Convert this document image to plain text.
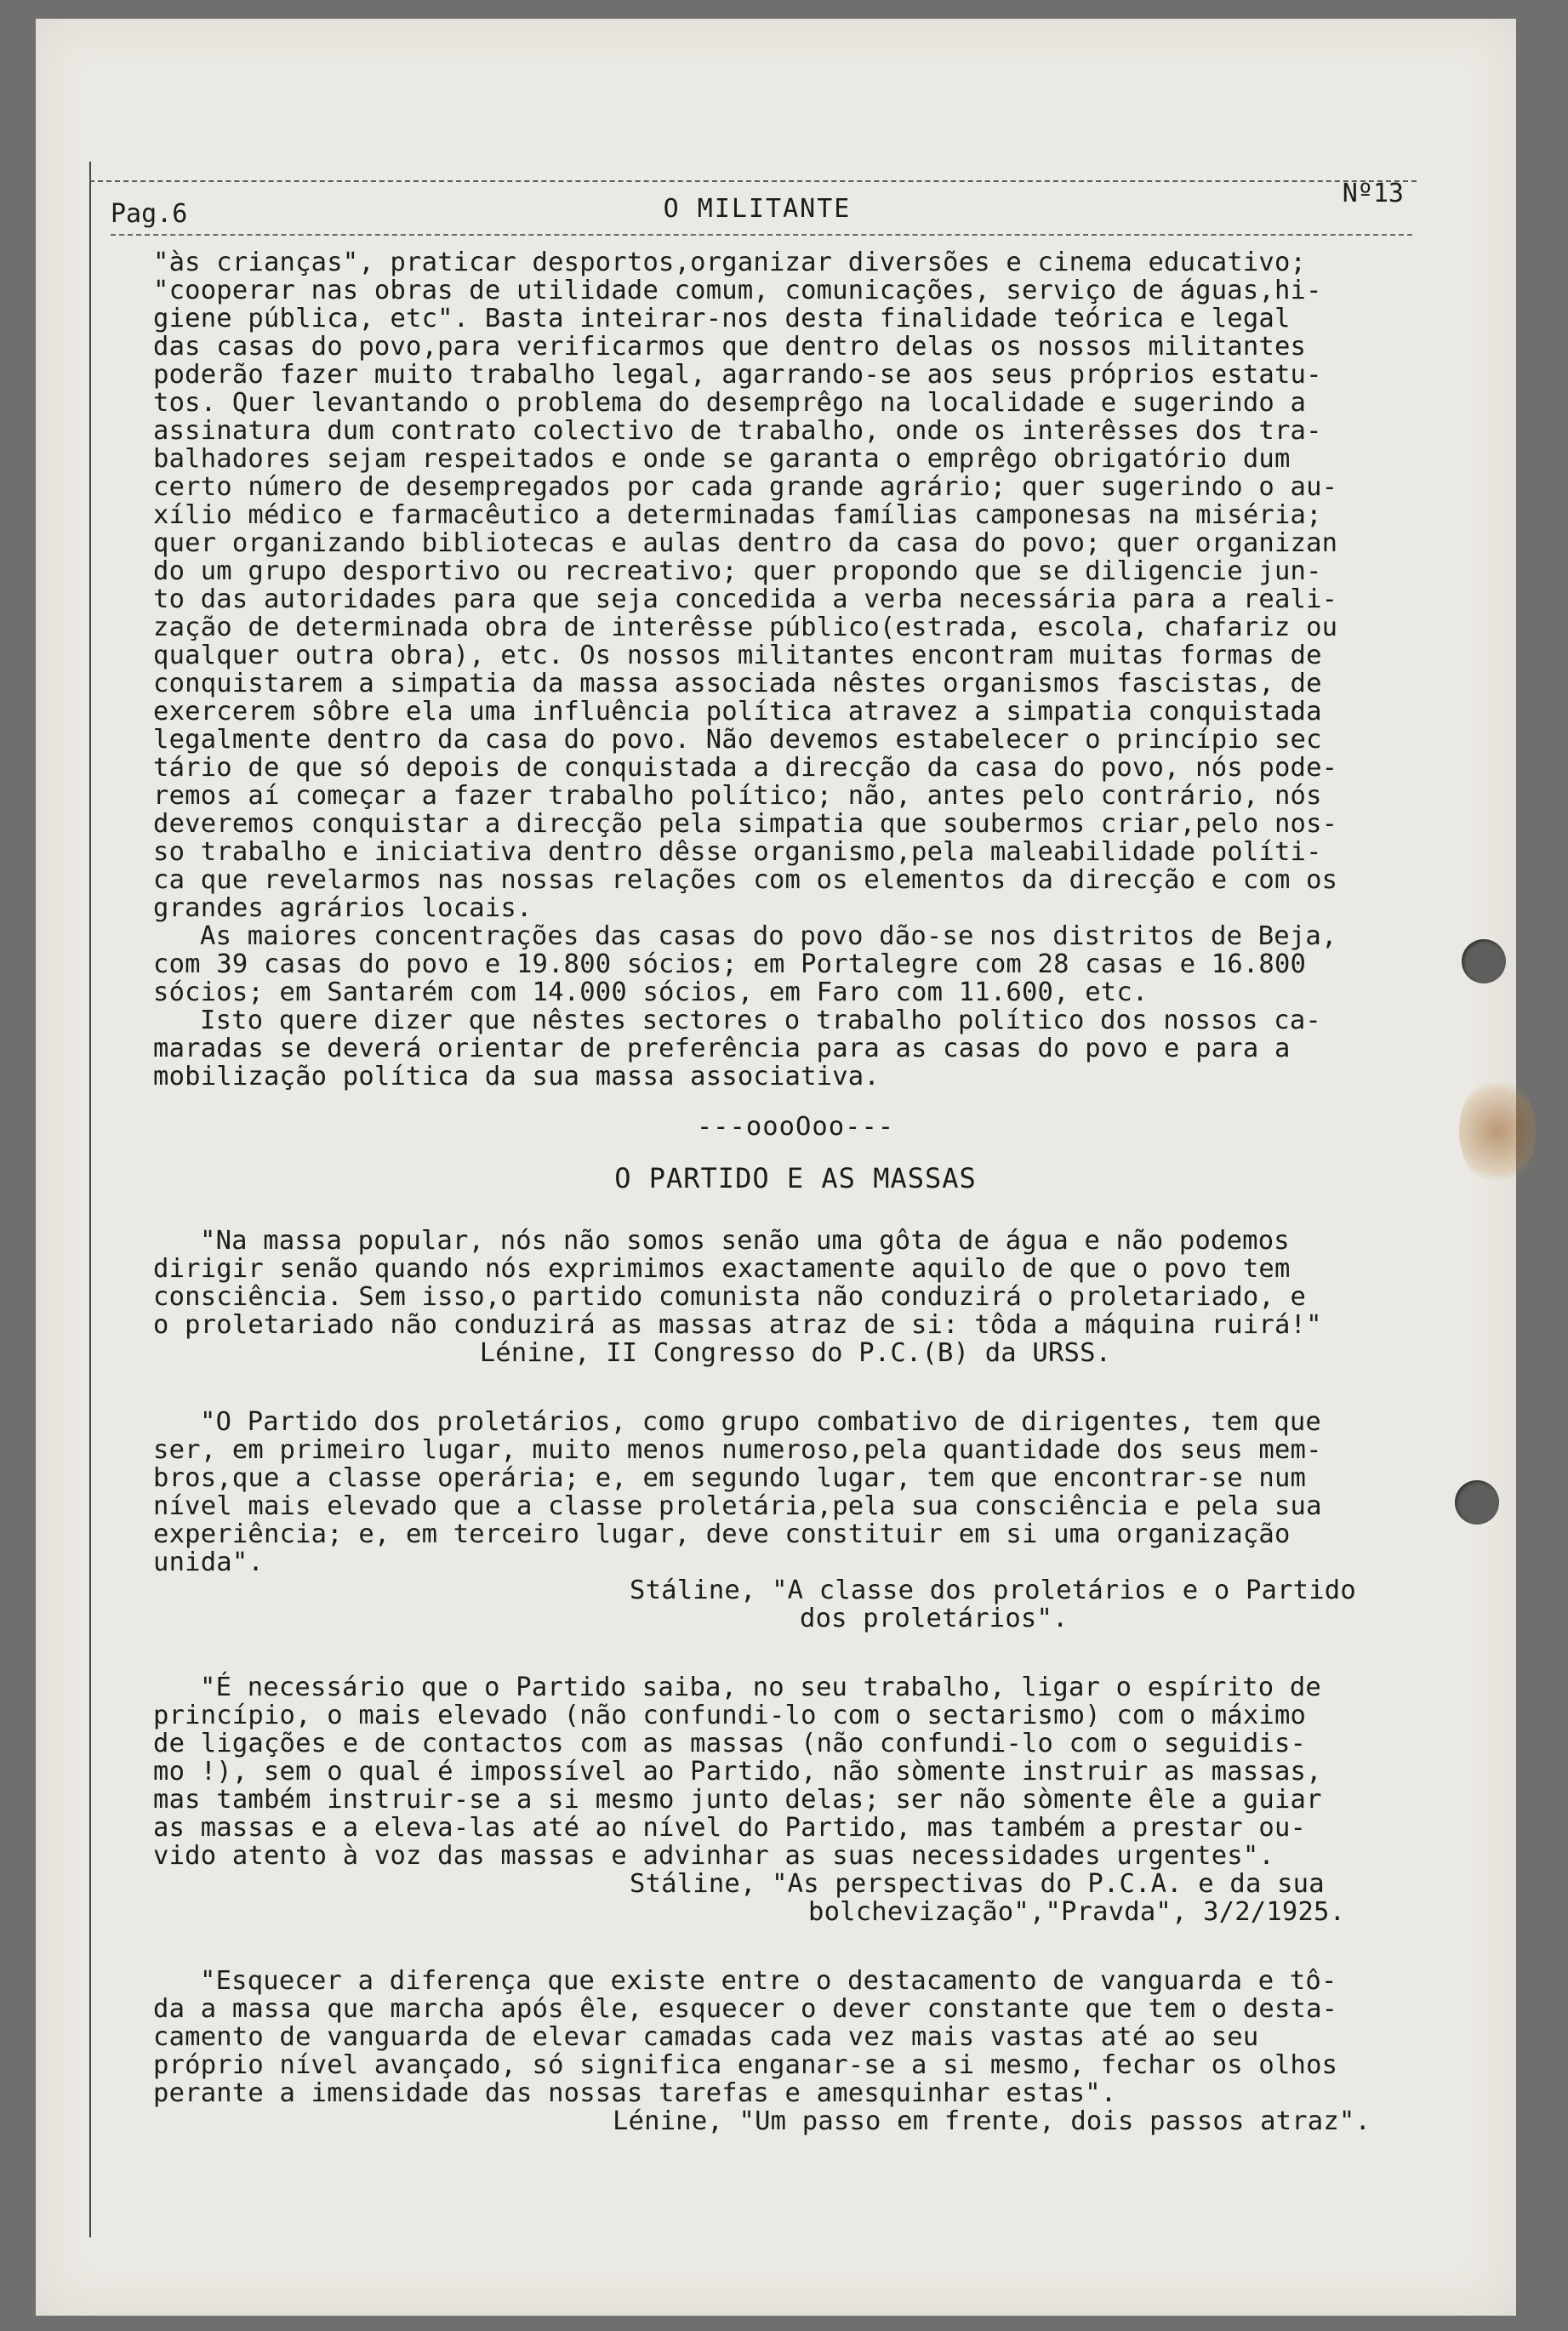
Pag.6	O MILITANTE
Nº13

"às crianças", praticar desportos,organizar diversões e cinema educativo;

"cooperar nas obras de utilidade comum, comunicações, serviço de águas,hi-

giene pública, etc". Basta inteirar-nos desta finalidade teórica e legal

das casas do povo,para verificarmos que dentro delas os nossos militantes

poderão fazer muito trabalho legal, agarrando-se aos seus próprios estatu-

tos. Quer levantando o problema do desemprêgo na localidade e sugerindo a

assinatura dum contrato colectivo de trabalho, onde os interêsses dos tra-

balhadores sejam respeitados e onde se garanta o emprêgo obrigatório dum

certo número de desempregados por cada grande agrário; quer sugerindo o au-

xílio médico e farmacêutico a determinadas famílias camponesas na miséria;

quer organizando bibliotecas e aulas dentro da casa do povo; quer organizan

do um grupo desportivo ou recreativo; quer propondo que se diligencie jun-

to das autoridades para que seja concedida a verba necessária para a reali-

zação de determinada obra de interêsse público(estrada, escola, chafariz ou

qualquer outra obra), etc. Os nossos militantes encontram muitas formas de

conquistarem a simpatia da massa associada nêstes organismos fascistas, de

exercerem sôbre ela uma influência política atravez a simpatia conquistada

legalmente dentro da casa do povo. Não devemos estabelecer o princípio sec

tário de que só depois de conquistada a direcção da casa do povo, nós pode-

remos aí começar a fazer trabalho político; não, antes pelo contrário, nós

deveremos conquistar a direcção pela simpatia que soubermos criar,pelo nos-

so trabalho e iniciativa dentro dêsse organismo,pela maleabilidade políti-

ca que revelarmos nas nossas relações com os elementos da direcção e com os

grandes agrários locais.

As maiores concentrações das casas do povo dão-se nos distritos de Beja,

com 39 casas do povo e 19.800 sócios; em Portalegre com 28 casas e 16.800

sócios; em Santarém com 14.000 sócios, em Faro com 11.600, etc.

Isto quere dizer que nêstes sectores o trabalho político dos nossos ca-

maradas se deverá orientar de preferência para as casas do povo e para a

mobilização política da sua massa associativa.

---oooOoo---
O PARTIDO E AS MASSAS

"Na massa popular, nós não somos senão uma gôta de água e não podemos

dirigir senão quando nós exprimimos exactamente aquilo de que o povo tem

consciência. Sem isso,o partido comunista não conduzirá o proletariado, e

o proletariado não conduzirá as massas atraz de si: tôda a máquina ruirá!"

Lénine, II Congresso do P.C.(B) da URSS.

"O Partido dos proletários, como grupo combativo de dirigentes, tem que

ser, em primeiro lugar, muito menos numeroso,pela quantidade dos seus mem-

bros,que a classe operária; e, em segundo lugar, tem que encontrar-se num

nível mais elevado que a classe proletária,pela sua consciência e pela sua

experiência; e, em terceiro lugar, deve constituir em si uma organização

unida".

Stáline, "A classe dos proletários e o Partido

dos proletários".

"É necessário que o Partido saiba, no seu trabalho, ligar o espírito de

princípio, o mais elevado (não confundi-lo com o sectarismo) com o máximo

de ligações e de contactos com as massas (não confundi-lo com o seguidis-

mo !), sem o qual é impossível ao Partido, não sòmente instruir as massas,

mas também instruir-se a si mesmo junto delas; ser não sòmente êle a guiar

as massas e a eleva-las até ao nível do Partido, mas também a prestar ou-

vido atento à voz das massas e advinhar as suas necessidades urgentes".

Stáline, "As perspectivas do P.C.A. e da sua

bolchevização","Pravda", 3/2/1925.

"Esquecer a diferença que existe entre o destacamento de vanguarda e tô-

da a massa que marcha após êle, esquecer o dever constante que tem o desta-

camento de vanguarda de elevar camadas cada vez mais vastas até ao seu

próprio nível avançado, só significa enganar-se a si mesmo, fechar os olhos

perante a imensidade das nossas tarefas e amesquinhar estas".

Lénine, "Um passo em frente, dois passos atraz".
